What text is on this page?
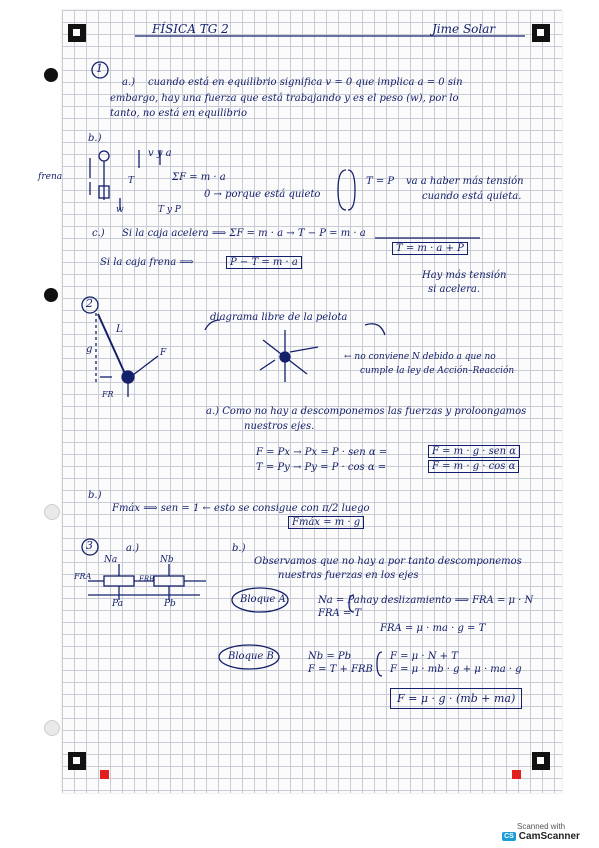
FÍSICA TG 2	Jime Solar
1
a.) cuando está en equilibrio significa v = 0 que implica a = 0 sin
embargo, hay una fuerza que está trabajando y es el peso (w), por lo
tanto, no está en equilibrio
b.)
v y a
frena	T	ΣF = m · a
0 → porque está quieto
w	T y P
T = P va a haber más tensión
cuando está quieta.
c.) Si la caja acelera ⟹ ΣF = m · a → T − P = m · a
T = m · a + P
Si la caja frena ⟹	P − T = m · a
Hay más tensión
si acelera.
2
diagrama libre de la pelota
L
g
FR
F	← no conviene N debido a que no
cumple la ley de Acción–Reacción
a.) Como no hay a descomponemos las fuerzas y proloongamos
nuestros ejes.
F = Px → Px = P · sen α =	F = m · g · sen α
T = Py → Py = P · cos α =	F = m · g · cos α
b.)
Fmáx ⟹ sen = 1 ← esto se consigue con π/2 luego
Fmáx = m · g
3	a.)
Na	Nb
FRA	FRB
Pa	Pb
b.)
Observamos que no hay a por tanto descomponemos
nuestras fuerzas en los ejes
Bloque A	Na = Pa
FRA = T
hay deslizamiento ⟹ FRA = μ · N
FRA = μ · ma · g = T
Bloque B	Nb = Pb
F = T + FRB
F = μ · N + T
F = μ · mb · g + μ · ma · g
F = μ · g · (mb + ma)
Scanned with
CS CamScanner
